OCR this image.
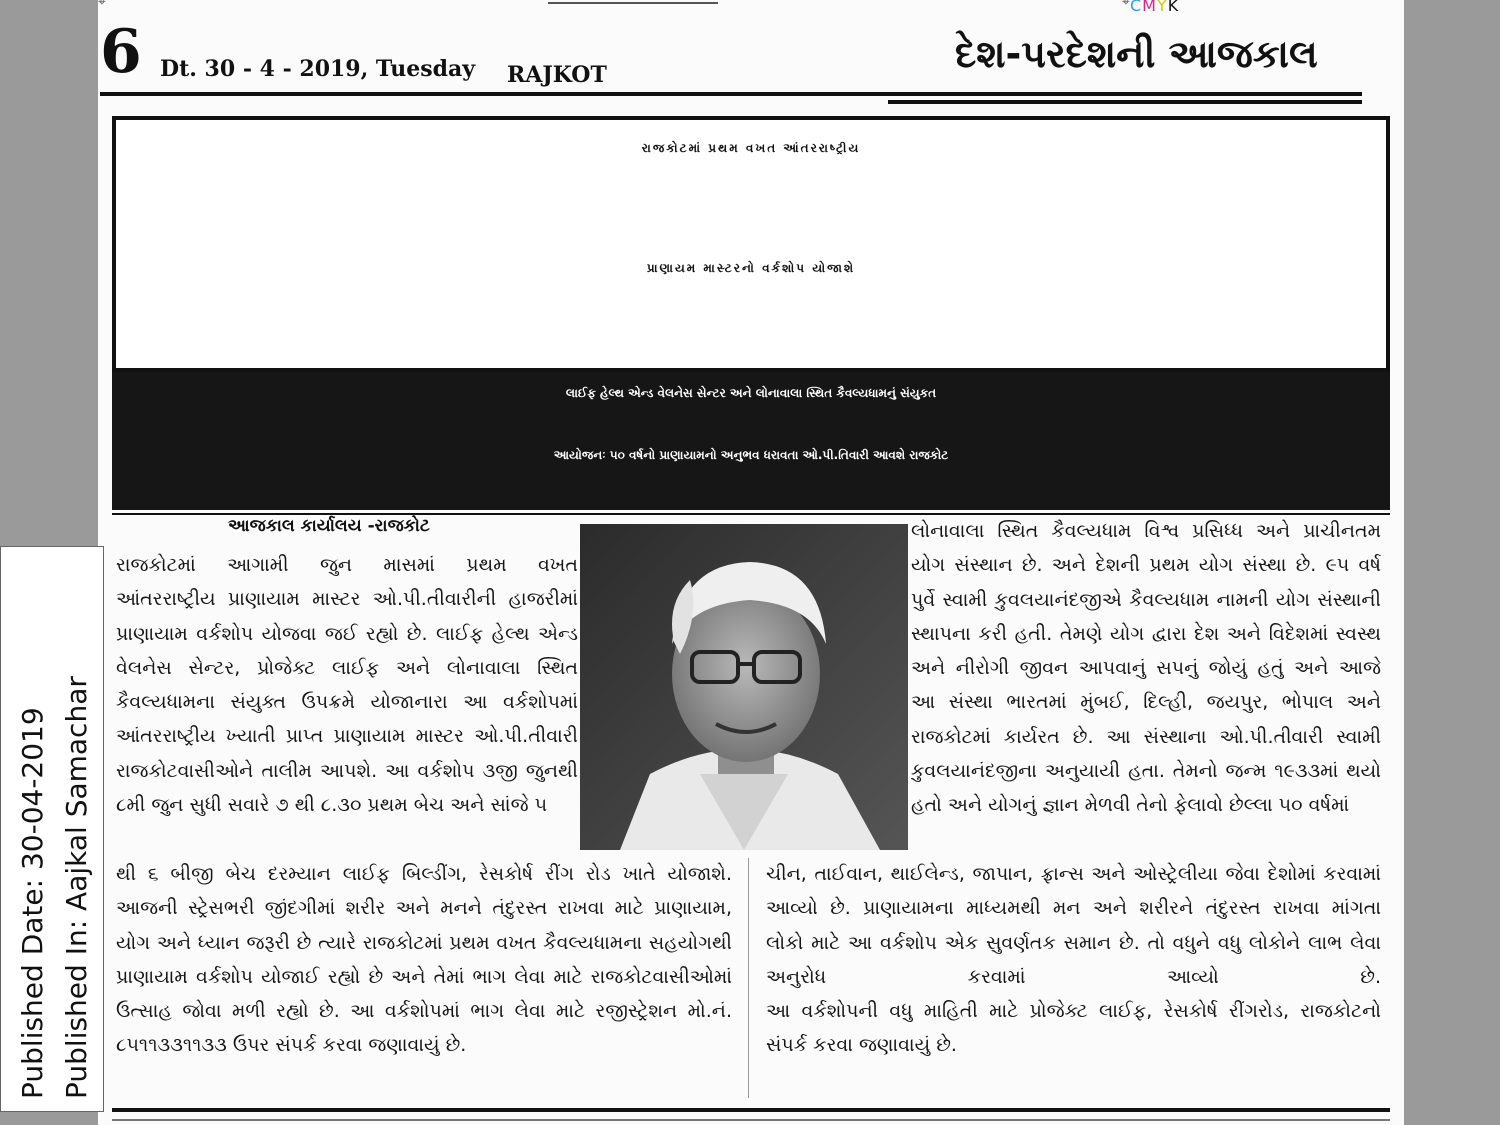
⌖	⌖ CMYK
6 Dt. 30 - 4 - 2019, Tuesday RAJKOT	દેશ-પરદેશની આજકાલ
રાજકોટમાં પ્રથમ વખત આંતરરાષ્ટ્રીય
પ્રાણાયમ માસ્ટરનો વર્કશોપ યોજાશે
લાઈફ હેલ્થ એન્ડ વેલનેસ સેન્ટર અને લોનાવાલા સ્થિત કૈવલ્યધામનું સંયુકત
આયોજનઃ ૫૦ વર્ષનો પ્રાણાયામનો અનુભવ ધરાવતા ઓ.પી.તિવારી આવશે રાજકોટ
આજકાલ કાર્યાલય -રાજકોટ
રાજકોટમાં આગામી જુન માસમાં પ્રથમ વખત
આંતરરાષ્ટ્રીય પ્રાણાયામ માસ્ટર ઓ.પી.તીવારીની હાજરીમાં
પ્રાણાયામ વર્કશોપ યોજવા જઈ રહ્યો છે. લાઈફ હેલ્થ એન્ડ
વેલનેસ સેન્ટર, પ્રોજેક્ટ લાઈફ અને લોનાવાલા સ્થિત
કૈવલ્યધામના સંયુક્ત ઉપક્રમે યોજાનારા આ વર્કશોપમાં
આંતરરાષ્ટ્રીય ખ્યાતી પ્રાપ્ત પ્રાણાયામ માસ્ટર ઓ.પી.તીવારી
રાજકોટવાસીઓને તાલીમ આપશે. આ વર્કશોપ ૩જી જુનથી
૮મી જુન સુધી સવારે ૭ થી ૮.૩૦ પ્રથમ બેચ અને સાંજે ૫
થી ૬ બીજી બેચ દરમ્યાન લાઈફ બિલ્ડીંગ, રેસકોર્ષ રીંગ રોડ ખાતે યોજાશે.
આજની સ્ટ્રેસભરી જીંદગીમાં શરીર અને મનને તંદુરસ્ત રાખવા માટે પ્રાણાયામ,
યોગ અને ધ્યાન જરૂરી છે ત્યારે રાજકોટમાં પ્રથમ વખત કૈવલ્યધામના સહયોગથી
પ્રાણાયામ વર્કશોપ યોજાઈ રહ્યો છે અને તેમાં ભાગ લેવા માટે રાજકોટવાસીઓમાં
ઉત્સાહ જોવા મળી રહ્યો છે. આ વર્કશોપમાં ભાગ લેવા માટે રજીસ્ટ્રેશન મો.નં.
૮૫૧૧૩૩૧૧૩૩ ઉપર સંપર્ક કરવા જણાવાયું છે.
લોનાવાલા સ્થિત કૈવલ્યધામ વિશ્વ પ્રસિધ્ધ અને પ્રાચીનતમ
યોગ સંસ્થાન છે. અને દેશની પ્રથમ યોગ સંસ્થા છે. ૯૫ વર્ષ
પુર્વે સ્વામી કુવલયાનંદજીએ કૈવલ્યધામ નામની યોગ સંસ્થાની
સ્થાપના કરી હતી. તેમણે યોગ દ્વારા દેશ અને વિદેશમાં સ્વસ્થ
અને નીરોગી જીવન આપવાનું સપનું જોયું હતું અને આજે
આ સંસ્થા ભારતમાં મુંબઈ, દિલ્હી, જયપુર, ભોપાલ અને
રાજકોટમાં કાર્યરત છે. આ સંસ્થાના ઓ.પી.તીવારી સ્વામી
કુવલયાનંદજીના અનુયાયી હતા. તેમનો જન્મ ૧૯૩૩માં થયો
હતો અને યોગનું જ્ઞાન મેળવી તેનો ફેલાવો છેલ્લા ૫૦ વર્ષમાં
ચીન, તાઈવાન, થાઈલેન્ડ, જાપાન, ફ્રાન્સ અને ઓસ્ટ્રેલીયા જેવા દેશોમાં કરવામાં
આવ્યો છે. પ્રાણાયામના માધ્યમથી મન અને શરીરને તંદુરસ્ત રાખવા માંગતા
લોકો માટે આ વર્કશોપ એક સુવર્ણતક સમાન છે. તો વધુને વધુ લોકોને લાભ લેવા
અનુરોધ કરવામાં આવ્યો છે.
આ વર્કશોપની વધુ માહિતી માટે પ્રોજેક્ટ લાઈફ, રેસકોર્ષ રીંગરોડ, રાજકોટનો
સંપર્ક કરવા જણાવાયું છે.
Published Date: 30-04-2019 Published In: Aajkal Samachar
